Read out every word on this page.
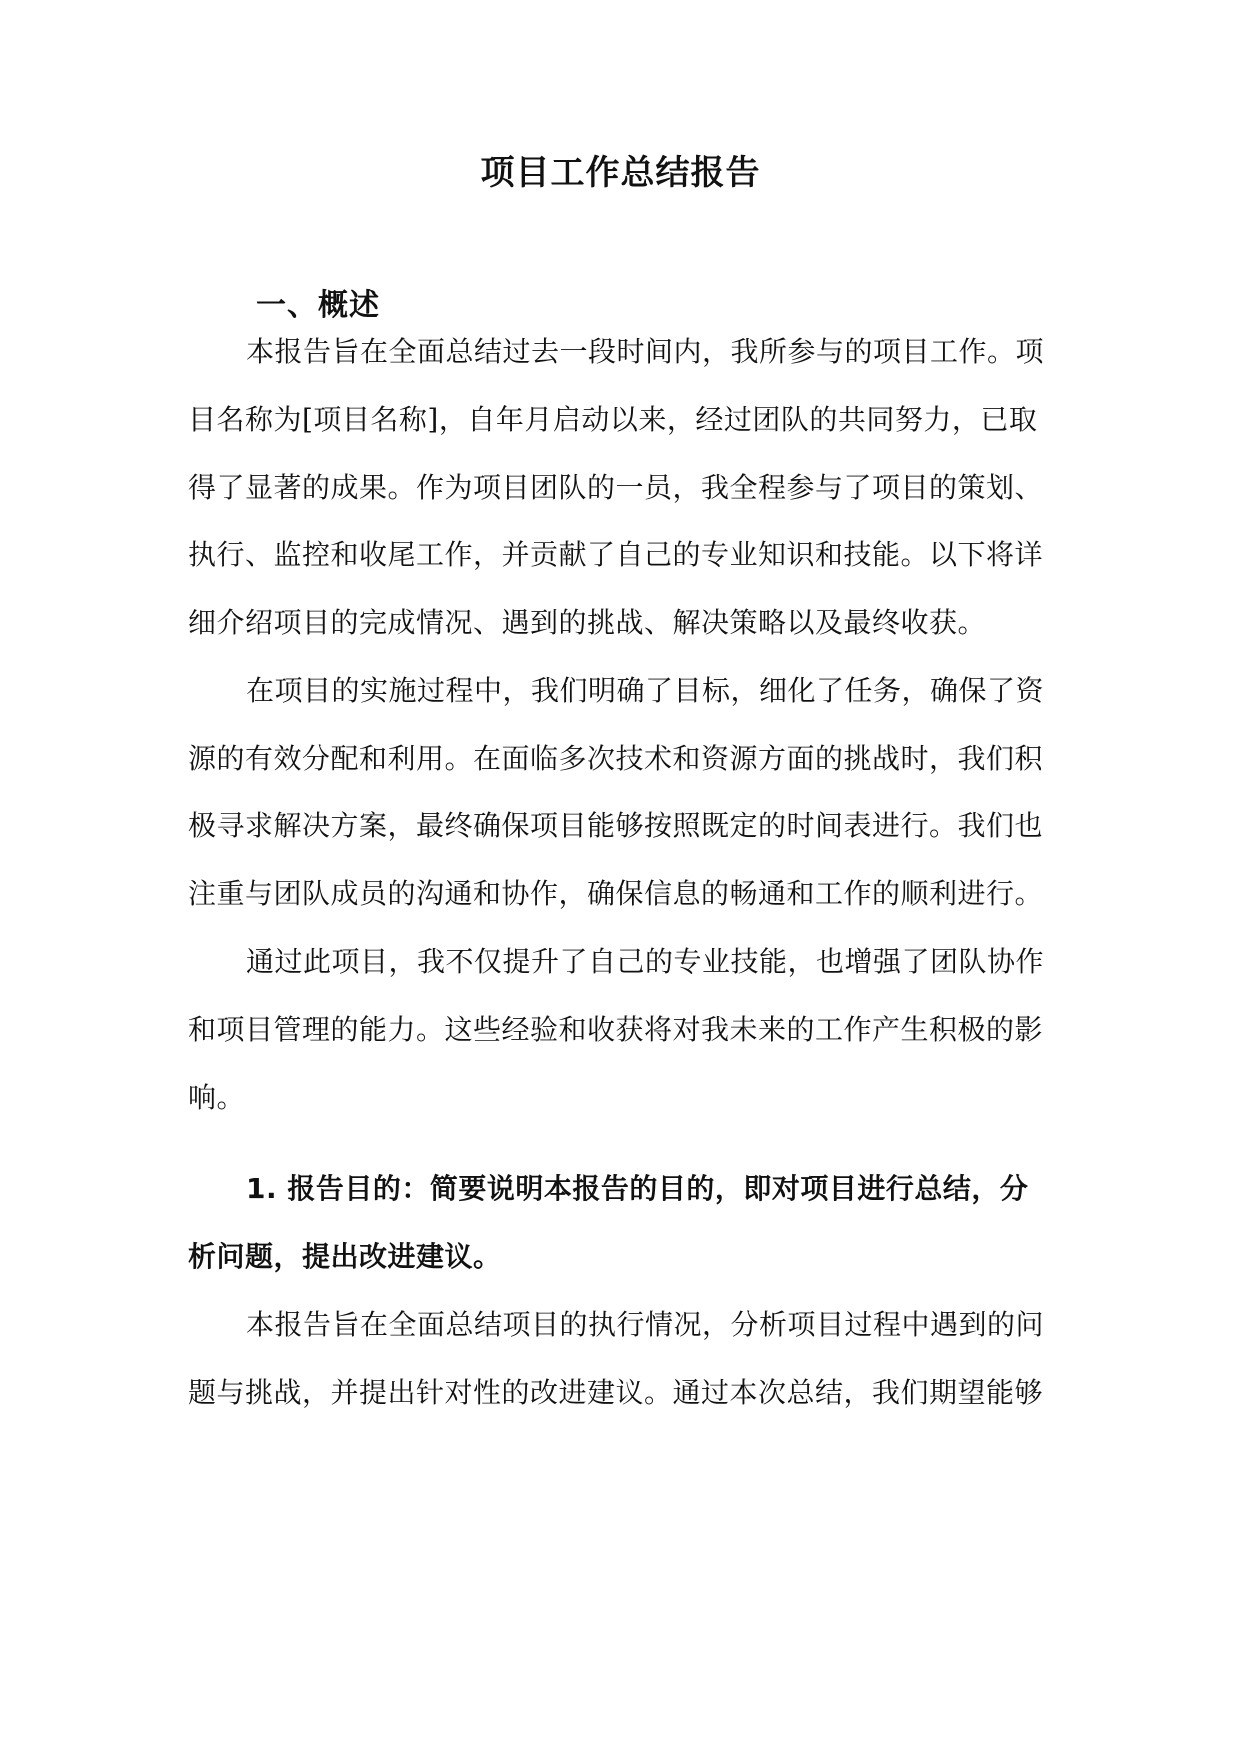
项目工作总结报告
一、概述
本报告旨在全面总结过去一段时间内，我所参与的项目工作。项
目名称为[项目名称]，自年月启动以来，经过团队的共同努力，已取
得了显著的成果。作为项目团队的一员，我全程参与了项目的策划、
执行、监控和收尾工作，并贡献了自己的专业知识和技能。以下将详
细介绍项目的完成情况、遇到的挑战、解决策略以及最终收获。
在项目的实施过程中，我们明确了目标，细化了任务，确保了资
源的有效分配和利用。在面临多次技术和资源方面的挑战时，我们积
极寻求解决方案，最终确保项目能够按照既定的时间表进行。我们也
注重与团队成员的沟通和协作，确保信息的畅通和工作的顺利进行。
通过此项目，我不仅提升了自己的专业技能，也增强了团队协作
和项目管理的能力。这些经验和收获将对我未来的工作产生积极的影
响。
1. 报告目的：简要说明本报告的目的，即对项目进行总结，分
析问题，提出改进建议。
本报告旨在全面总结项目的执行情况，分析项目过程中遇到的问
题与挑战，并提出针对性的改进建议。通过本次总结，我们期望能够
